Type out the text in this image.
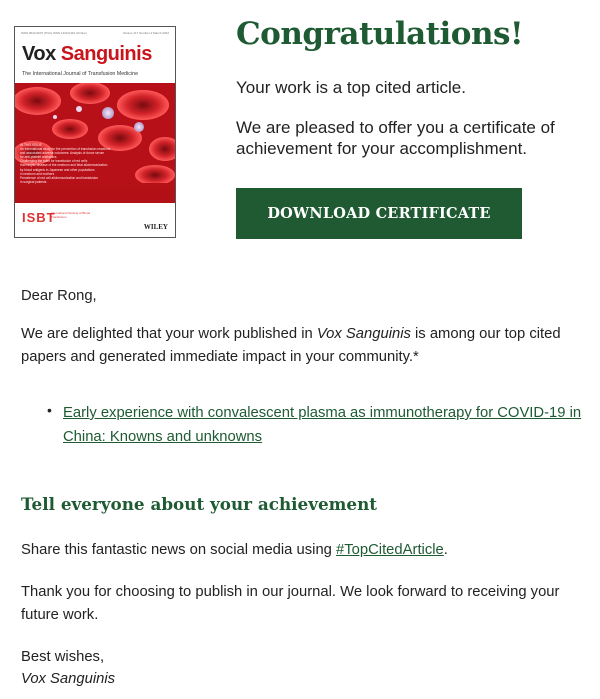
ISSN 0042-9007 (Print) ISSN 1423-0410 (Online)	Volume 117 Number 2 March 2022
Vox Sanguinis
The International Journal of Transfusion Medicine
IN THIS ISSUE
An international study for the prevention of transfusion reactions
and associated adverse outcomes: Analysis of donor serum
for anti-platelet antibodies
Challenging the rules for transfusion of red cells
Haemolytic disease of the newborn and fetal alloimmunization
by blood antigens in Japanese and other populations
in newborn and mothers
Prevalence of red cell alloimmunization and transfusion
in surgical patients
ISBT
International Society of Blood Transfusion
WILEY
Congratulations!
Your work is a top cited article.
We are pleased to offer you a certificate of achievement for your accomplishment.
DOWNLOAD CERTIFICATE
Dear Rong,
We are delighted that your work published in Vox Sanguinis is among our top cited papers and generated immediate impact in your community.*
• Early experience with convalescent plasma as immunotherapy for COVID-19 in China: Knowns and unknowns
Tell everyone about your achievement
Share this fantastic news on social media using #TopCitedArticle.
Thank you for choosing to publish in our journal. We look forward to receiving your future work.
Best wishes,
Vox Sanguinis
